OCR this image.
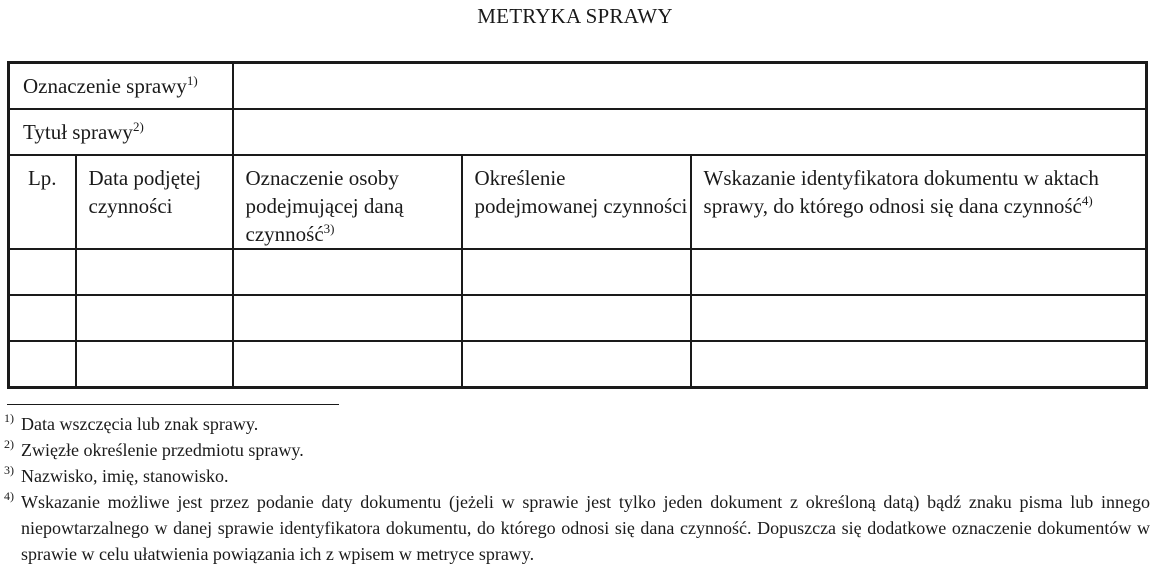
METRYKA SPRAWY
Oznaczenie sprawy$^{1)}$	
Tytuł sprawy$^{2)}$	
Lp.	Data podjętej czynności	Oznaczenie osoby podejmującej daną czynność$^{3)}$	Określenie podejmowanej czynności	Wskazanie identyfikatora dokumentu w aktach sprawy, do którego odnosi się dana czynność$^{4)}$

1) Data wszczęcia lub znak sprawy.
2) Zwięzłe określenie przedmiotu sprawy.
3) Nazwisko, imię, stanowisko.
4) Wskazanie możliwe jest przez podanie daty dokumentu (jeżeli w sprawie jest tylko jeden dokument z określoną datą) bądź znaku pisma lub innego niepowtarzalnego w danej sprawie identyfikatora dokumentu, do którego odnosi się dana czynność. Dopuszcza się dodatkowe oznaczenie dokumentów w sprawie w celu ułatwienia powiązania ich z wpisem w metryce sprawy.
